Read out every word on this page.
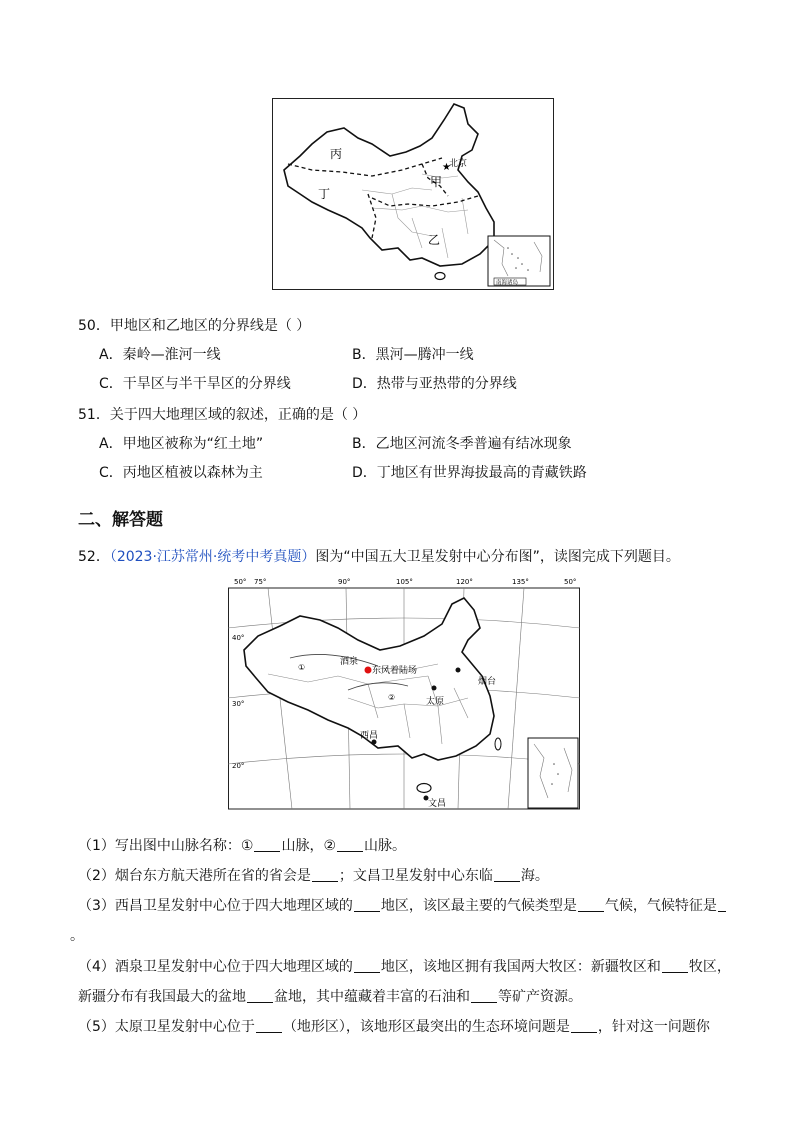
★
北京
丙
丁
甲
乙
南海诸岛
50．甲地区和乙地区的分界线是（ ）
A．秦岭—淮河一线	B．黑河—腾冲一线
C．干旱区与半干旱区的分界线	D．热带与亚热带的分界线
51．关于四大地理区域的叙述，正确的是（ ）
A．甲地区被称为“红土地”	B．乙地区河流冬季普遍有结冰现象
C．丙地区植被以森林为主	D．丁地区有世界海拔最高的青藏铁路
二、解答题
52．（2023·江苏常州·统考中考真题）图为“中国五大卫星发射中心分布图”，读图完成下列题目。
50° 75°	90°	105°	120°	135°	50°
40°
30°
20°
酒泉
东风着陆场
烟台
太原
西昌
文昌
①
②
（1）写出图中山脉名称：① 山脉，② 山脉。
（2）烟台东方航天港所在省的省会是 ；文昌卫星发射中心东临 海。
（3）西昌卫星发射中心位于四大地理区域的 地区，该区最主要的气候类型是 气候，气候特征是
。
（4）酒泉卫星发射中心位于四大地理区域的 地区，该地区拥有我国两大牧区：新疆牧区和 牧区，
新疆分布有我国最大的盆地 盆地，其中蕴藏着丰富的石油和 等矿产资源。
（5）太原卫星发射中心位于 （地形区），该地形区最突出的生态环境问题是 ，针对这一问题你
